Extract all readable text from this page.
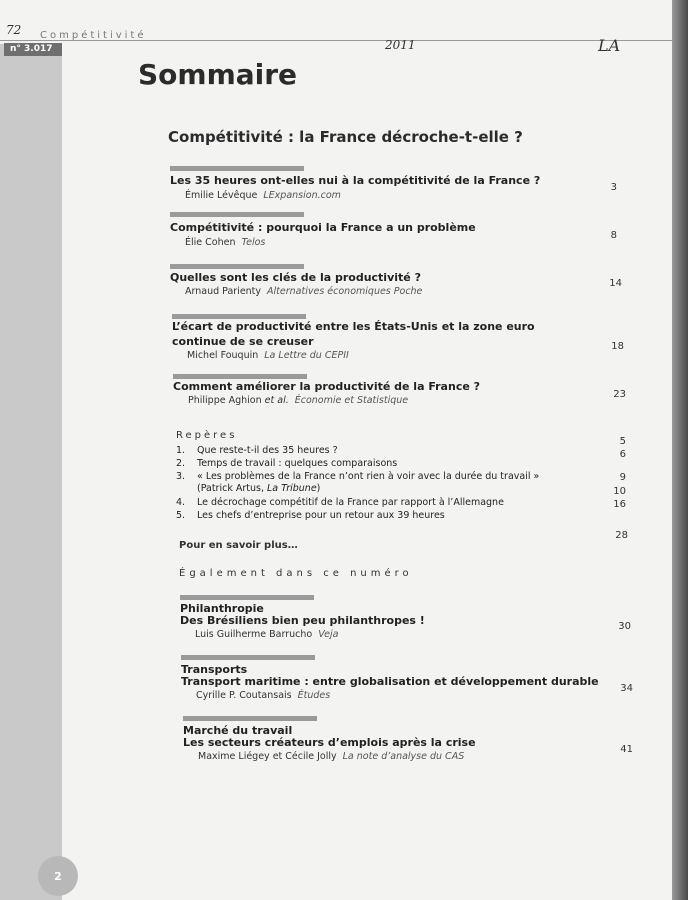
72 Compétitivité
n° 3.017	2011	LA
Sommaire
Compétitivité : la France décroche-t-elle ?
Les 35 heures ont-elles nui à la compétitivité de la France ?
Émilie Lévêque LExpansion.com
3
Compétitivité : pourquoi la France a un problème
Élie Cohen Telos
8
Quelles sont les clés de la productivité ?
Arnaud Parienty Alternatives économiques Poche
14
L’écart de productivité entre les États-Unis et la zone euro
continue de se creuser
Michel Fouquin La Lettre du CEPII
18
Comment améliorer la productivité de la France ?
Philippe Aghion et al. Économie et Statistique
23
Repères
1. Que reste-t-il des 35 heures ?
2. Temps de travail : quelques comparaisons
3. « Les problèmes de la France n’ont rien à voir avec la durée du travail »
(Patrick Artus, La Tribune)
4. Le décrochage compétitif de la France par rapport à l’Allemagne
5. Les chefs d’entreprise pour un retour aux 39 heures
5
6
9
10
16
Pour en savoir plus…
28
Également dans ce numéro
Philanthropie
Des Brésiliens bien peu philanthropes !
Luis Guilherme Barrucho Veja
30
Transports
Transport maritime : entre globalisation et développement durable
Cyrille P. Coutansais Études
34
Marché du travail
Les secteurs créateurs d’emplois après la crise
Maxime Liégey et Cécile Jolly La note d’analyse du CAS
41
2
